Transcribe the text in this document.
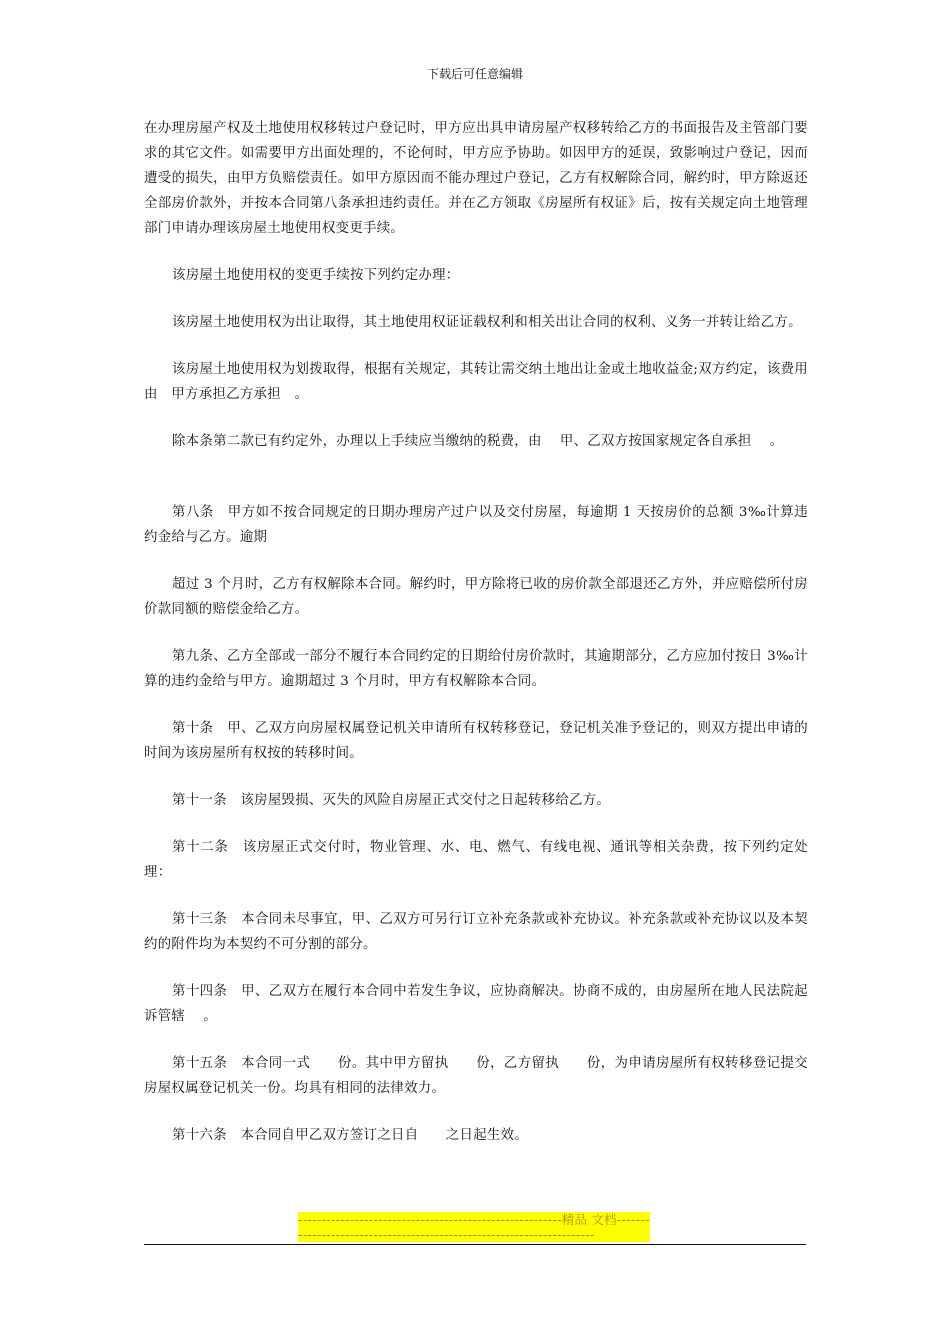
下载后可任意编辑

在办理房屋产权及土地使用权移转过户登记时，甲方应出具申请房屋产权移转给乙方的书面报告及主管部门要求的其它文件。如需要甲方出面处理的，不论何时，甲方应予协助。如因甲方的延误，致影响过户登记，因而遭受的损失，由甲方负赔偿责任。如甲方原因而不能办理过户登记，乙方有权解除合同，解约时，甲方除返还全部房价款外，并按本合同第八条承担违约责任。并在乙方领取《房屋所有权证》后，按有关规定向土地管理部门申请办理该房屋土地使用权变更手续。

该房屋土地使用权的变更手续按下列约定办理：

该房屋土地使用权为出让取得，其土地使用权证证载权利和相关出让合同的权利、义务一并转让给乙方。

该房屋土地使用权为划拨取得，根据有关规定，其转让需交纳土地出让金或土地收益金;双方约定，该费用由　甲方承担乙方承担　。

除本条第二款已有约定外，办理以上手续应当缴纳的税费，由　 甲、乙双方按国家规定各自承担　 。

第八条　甲方如不按合同规定的日期办理房产过户以及交付房屋，每逾期 1 天按房价的总额 3‰计算违约金给与乙方。逾期

超过 3 个月时，乙方有权解除本合同。解约时，甲方除将已收的房价款全部退还乙方外，并应赔偿所付房价款同额的赔偿金给乙方。

第九条、乙方全部或一部分不履行本合同约定的日期给付房价款时，其逾期部分，乙方应加付按日 3‰计算的违约金给与甲方。逾期超过 3 个月时，甲方有权解除本合同。

第十条　甲、乙双方向房屋权属登记机关申请所有权转移登记，登记机关准予登记的，则双方提出申请的时间为该房屋所有权按的转移时间。

第十一条　该房屋毁损、灭失的风险自房屋正式交付之日起转移给乙方。

第十二条　该房屋正式交付时，物业管理、水、电、燃气、有线电视、通讯等相关杂费，按下列约定处理：

第十三条　本合同未尽事宜，甲、乙双方可另行订立补充条款或补充协议。补充条款或补充协议以及本契约的附件均为本契约不可分割的部分。

第十四条　甲、乙双方在履行本合同中若发生争议，应协商解决。协商不成的，由房屋所在地人民法院起诉管辖　 。

第十五条　本合同一式　　份。其中甲方留执　　份，乙方留执　　份，为申请房屋所有权转移登记提交房屋权属登记机关一份。均具有相同的法律效力。

第十六条　本合同自甲乙双方签订之日自　　之日起生效。

--------------------------------------------------------精品 文档----------------------------------------------------------------------
